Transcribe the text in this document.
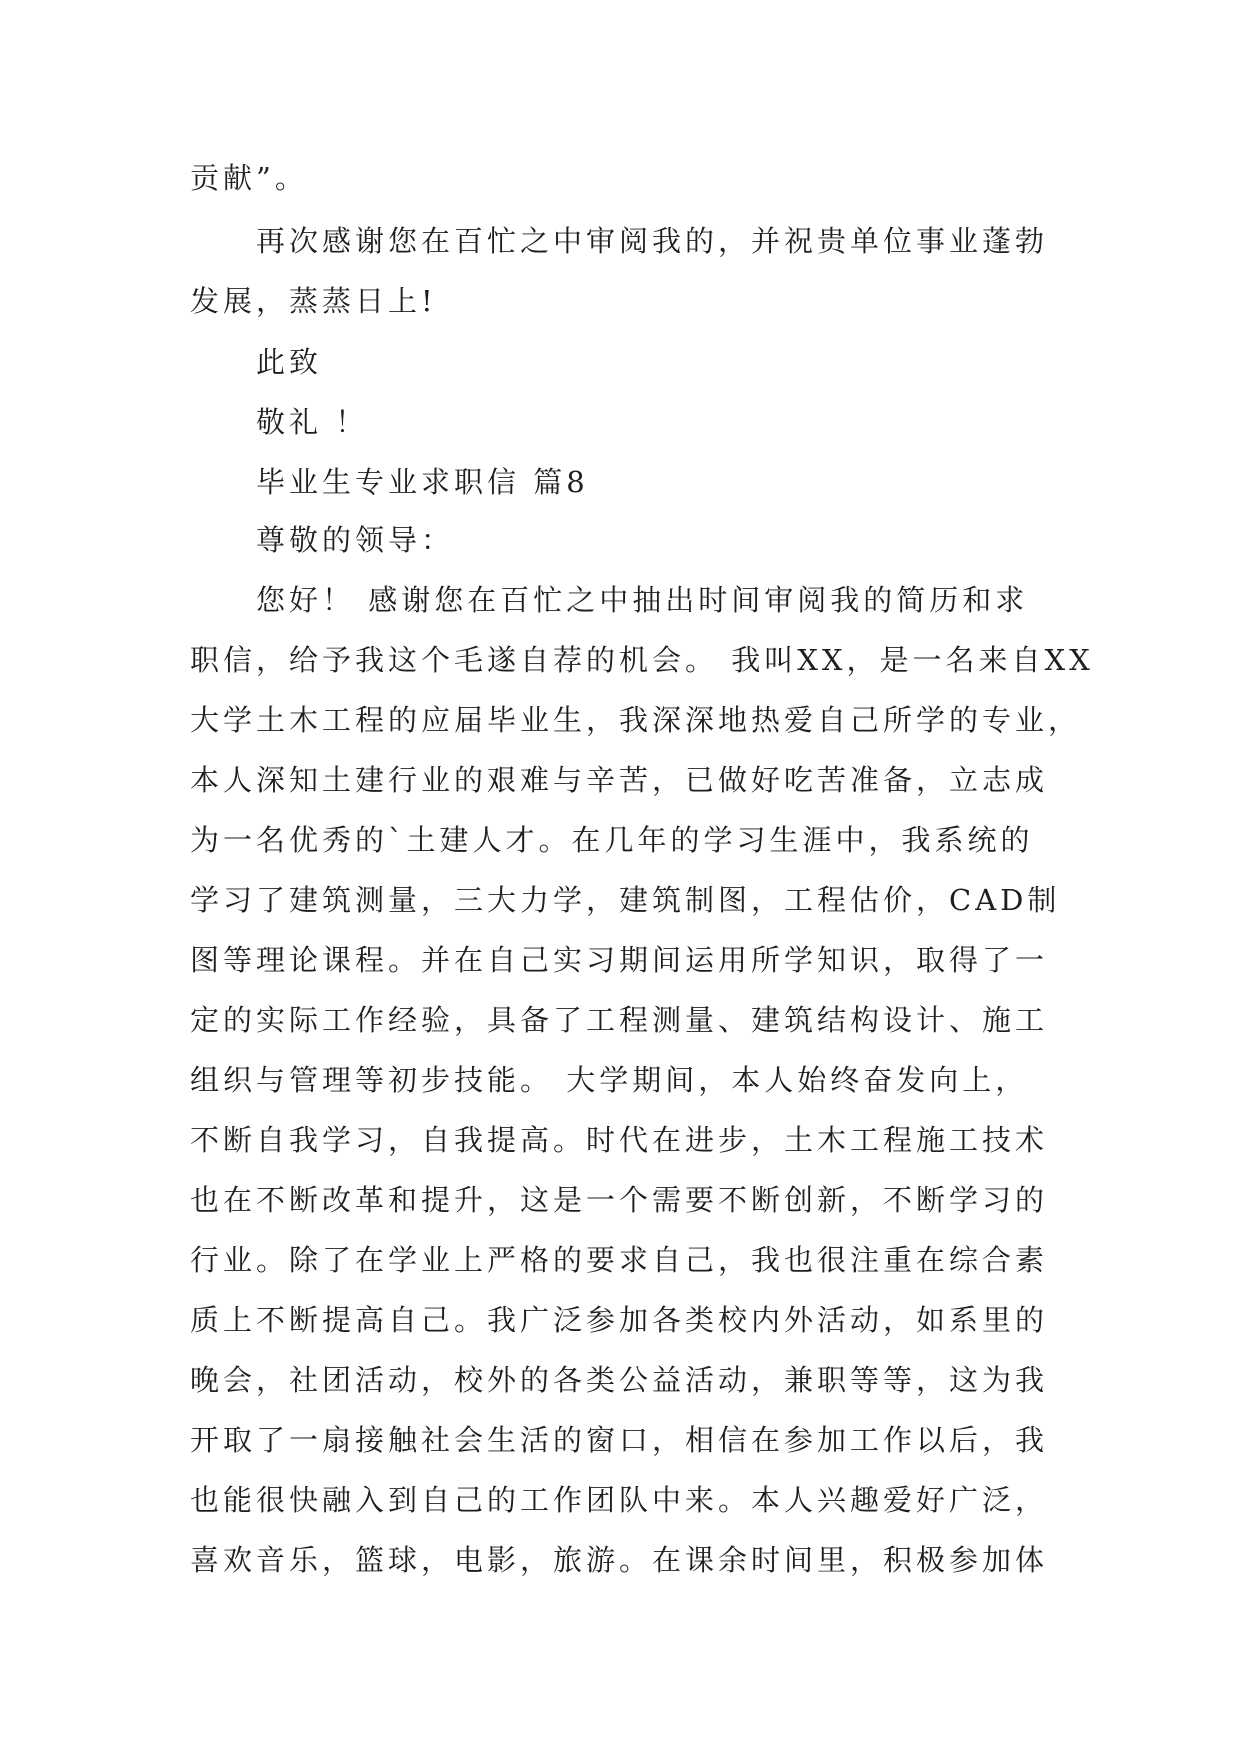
贡献”。
再次感谢您在百忙之中审阅我的，并祝贵单位事业蓬勃
发展，蒸蒸日上!
此致
敬礼 ！
毕业生专业求职信 篇8
尊敬的领导：
您好！ 感谢您在百忙之中抽出时间审阅我的简历和求
职信，给予我这个毛遂自荐的机会。 我叫XX，是一名来自XX
大学土木工程的应届毕业生，我深深地热爱自己所学的专业，
本人深知土建行业的艰难与辛苦，已做好吃苦准备，立志成
为一名优秀的`土建人才。在几年的学习生涯中，我系统的
学习了建筑测量，三大力学，建筑制图，工程估价，CAD制
图等理论课程。并在自己实习期间运用所学知识，取得了一
定的实际工作经验，具备了工程测量、建筑结构设计、施工
组织与管理等初步技能。 大学期间，本人始终奋发向上，
不断自我学习，自我提高。时代在进步，土木工程施工技术
也在不断改革和提升，这是一个需要不断创新，不断学习的
行业。除了在学业上严格的要求自己，我也很注重在综合素
质上不断提高自己。我广泛参加各类校内外活动，如系里的
晚会，社团活动，校外的各类公益活动，兼职等等，这为我
开取了一扇接触社会生活的窗口，相信在参加工作以后，我
也能很快融入到自己的工作团队中来。本人兴趣爱好广泛，
喜欢音乐，篮球，电影，旅游。在课余时间里，积极参加体
